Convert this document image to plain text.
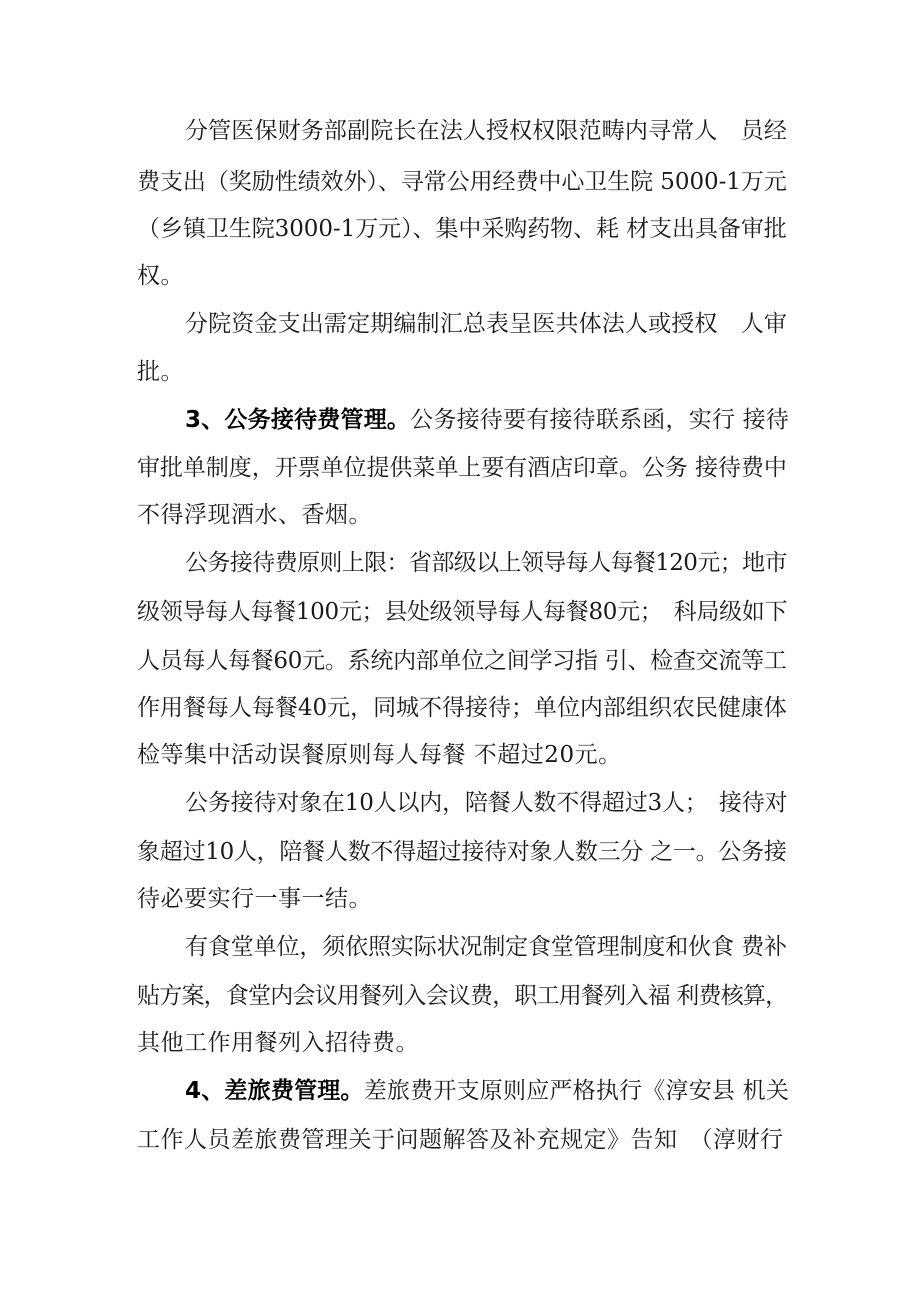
分管医保财务部副院长在法人授权权限范畴内寻常人　员经
费支出（奖励性绩效外）、寻常公用经费中心卫生院 5000-1万元
（乡镇卫生院3000-1万元）、集中采购药物、耗 材支出具备审批
权。
分院资金支出需定期编制汇总表呈医共体法人或授权　人审
批。
3、公务接待费管理。公务接待要有接待联系函，实行 接待
审批单制度，开票单位提供菜单上要有酒店印章。公务 接待费中
不得浮现酒水、香烟。
公务接待费原则上限：省部级以上领导每人每餐120元；地市
级领导每人每餐100元；县处级领导每人每餐80元；　科局级如下
人员每人每餐60元。系统内部单位之间学习指 引、检查交流等工
作用餐每人每餐40元，同城不得接待；单位内部组织农民健康体
检等集中活动误餐原则每人每餐 不超过20元。
公务接待对象在10人以内，陪餐人数不得超过3人；　接待对
象超过10人，陪餐人数不得超过接待对象人数三分 之一。公务接
待必要实行一事一结。
有食堂单位，须依照实际状况制定食堂管理制度和伙食 费补
贴方案，食堂内会议用餐列入会议费，职工用餐列入福 利费核算，
其他工作用餐列入招待费。
4、差旅费管理。差旅费开支原则应严格执行《淳安县 机关
工作人员差旅费管理关于问题解答及补充规定》告知　（淳财行
